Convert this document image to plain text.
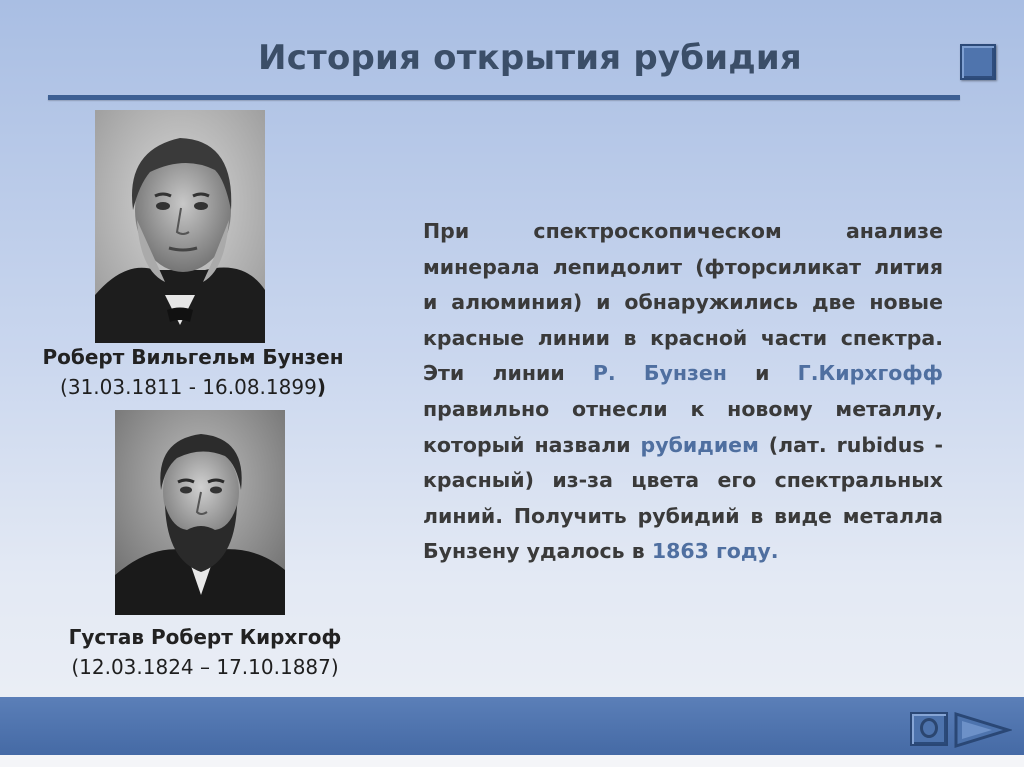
История открытия рубидия
Роберт Вильгельм Бунзен
(31.03.1811 - 16.08.1899)
Густав Роберт Кирхгоф
(12.03.1824 – 17.10.1887)
При спектроскопическом анализе минерала лепидолит (фторсиликат лития и алюминия) и обнаружились две новые красные линии в красной части спектра. Эти линии Р. Бунзен и Г.Кирхгофф правильно отнесли к новому металлу, который назвали рубидием (лат. rubidus - красный) из-за цвета его спектральных линий. Получить рубидий в виде металла Бунзену удалось в 1863 году.
